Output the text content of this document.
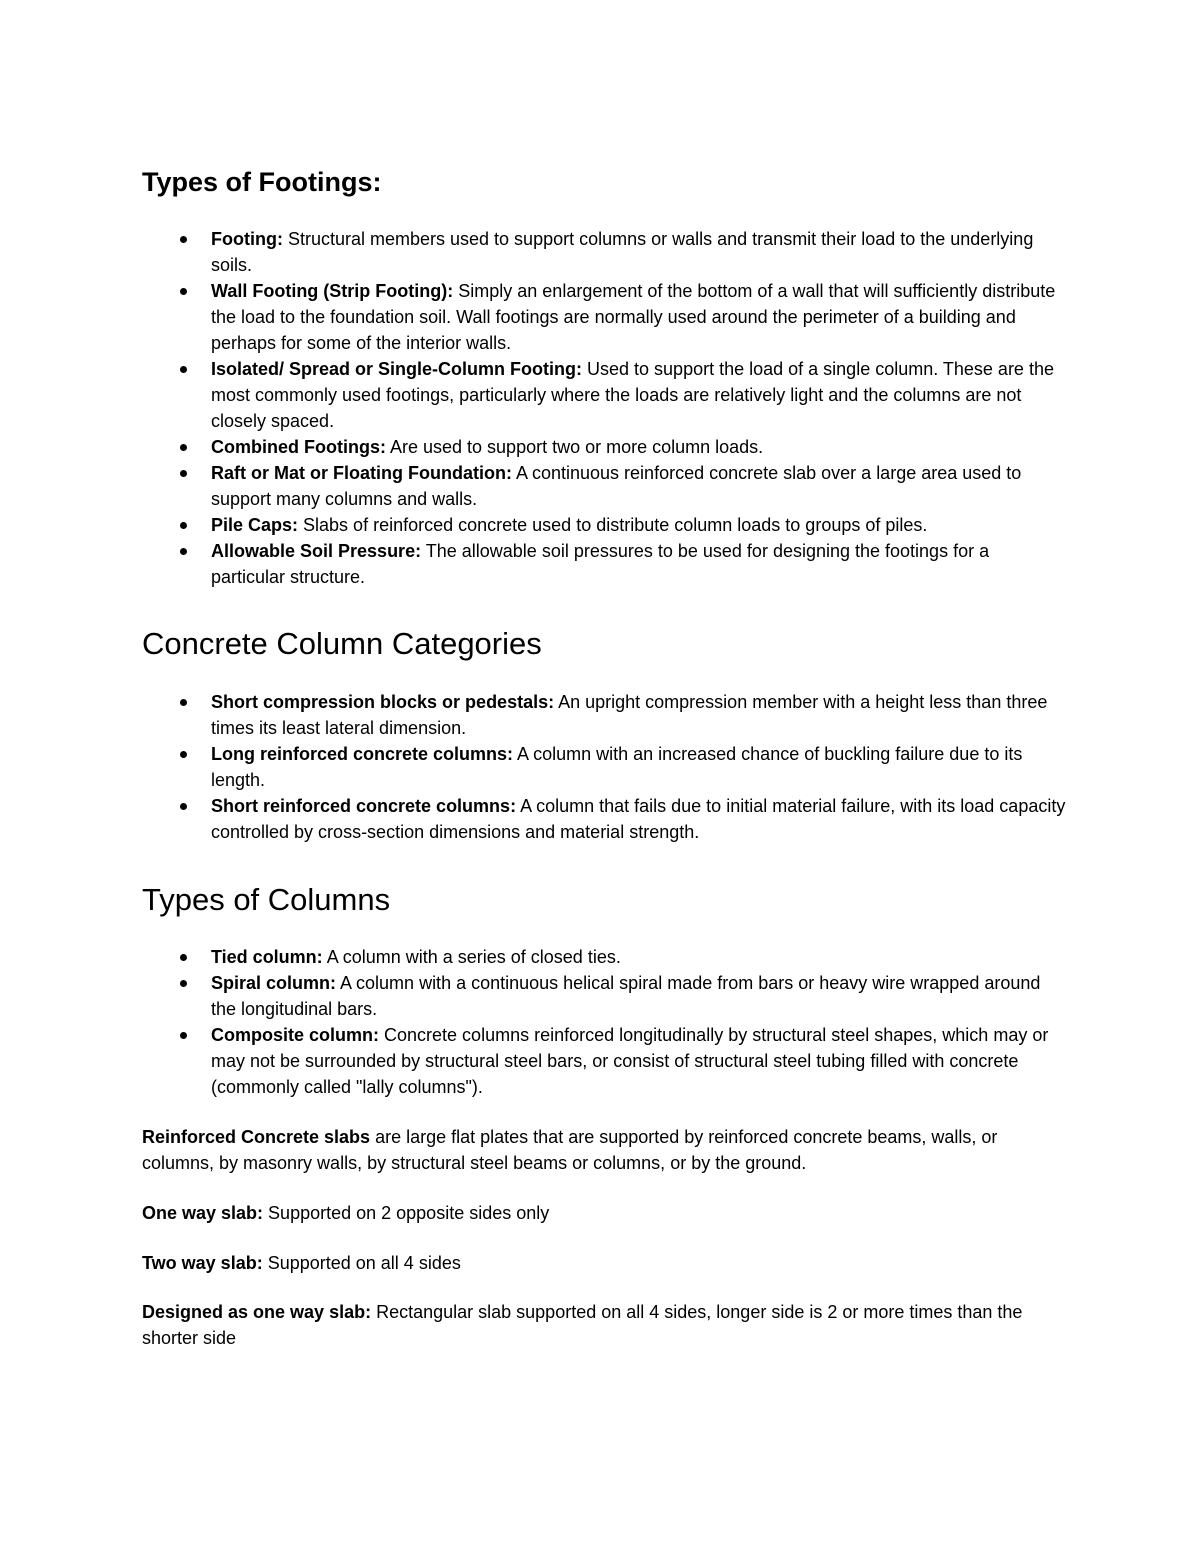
Types of Footings:
Footing: Structural members used to support columns or walls and transmit their load to the underlying soils.
Wall Footing (Strip Footing): Simply an enlargement of the bottom of a wall that will sufficiently distribute the load to the foundation soil. Wall footings are normally used around the perimeter of a building and perhaps for some of the interior walls.
Isolated/ Spread or Single-Column Footing: Used to support the load of a single column. These are the most commonly used footings, particularly where the loads are relatively light and the columns are not closely spaced.
Combined Footings: Are used to support two or more column loads.
Raft or Mat or Floating Foundation: A continuous reinforced concrete slab over a large area used to support many columns and walls.
Pile Caps: Slabs of reinforced concrete used to distribute column loads to groups of piles.
Allowable Soil Pressure: The allowable soil pressures to be used for designing the footings for a particular structure.
Concrete Column Categories
Short compression blocks or pedestals: An upright compression member with a height less than three times its least lateral dimension.
Long reinforced concrete columns: A column with an increased chance of buckling failure due to its length.
Short reinforced concrete columns: A column that fails due to initial material failure, with its load capacity controlled by cross-section dimensions and material strength.
Types of Columns
Tied column: A column with a series of closed ties.
Spiral column: A column with a continuous helical spiral made from bars or heavy wire wrapped around the longitudinal bars.
Composite column: Concrete columns reinforced longitudinally by structural steel shapes, which may or may not be surrounded by structural steel bars, or consist of structural steel tubing filled with concrete (commonly called "lally columns").

Reinforced Concrete slabs are large flat plates that are supported by reinforced concrete beams, walls, or columns, by masonry walls, by structural steel beams or columns, or by the ground.

One way slab: Supported on 2 opposite sides only

Two way slab: Supported on all 4 sides

Designed as one way slab: Rectangular slab supported on all 4 sides, longer side is 2 or more times than the shorter side
